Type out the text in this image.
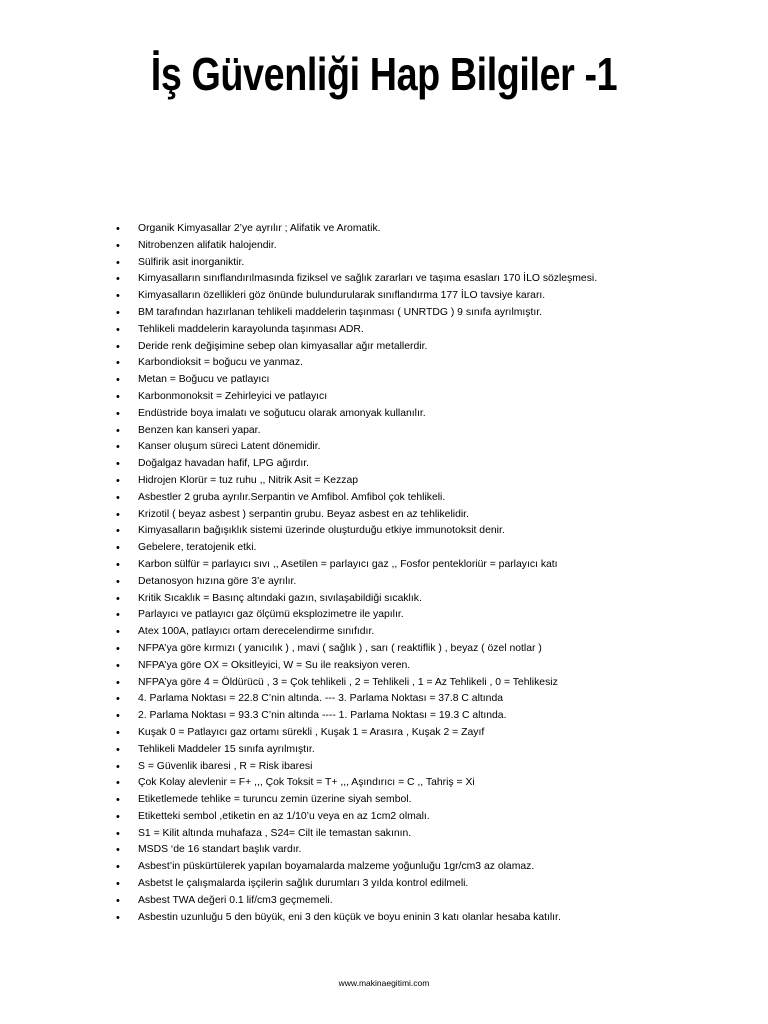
İş Güvenliği Hap Bilgiler -1
• Organik Kimyasallar 2’ye ayrılır ; Alifatik ve Aromatik.
• Nitrobenzen alifatik halojendir.
• Sülfirik asit inorganiktir.
• Kimyasalların sınıflandırılmasında fiziksel ve sağlık zararları ve taşıma esasları 170 İLO sözleşmesi.
• Kimyasalların özellikleri göz önünde bulundurularak sınıflandırma 177 İLO tavsiye kararı.
• BM tarafından hazırlanan tehlikeli maddelerin taşınması ( UNRTDG ) 9 sınıfa ayrılmıştır.
• Tehlikeli maddelerin karayolunda taşınması ADR.
• Deride renk değişimine sebep olan kimyasallar ağır metallerdir.
• Karbondioksit = boğucu ve yanmaz.
• Metan = Boğucu ve patlayıcı
• Karbonmonoksit = Zehirleyici ve patlayıcı
• Endüstride boya imalatı ve soğutucu olarak amonyak kullanılır.
• Benzen kan kanseri yapar.
• Kanser oluşum süreci Latent dönemidir.
• Doğalgaz havadan hafif, LPG ağırdır.
• Hidrojen Klorür = tuz ruhu ,, Nitrik Asit = Kezzap
• Asbestler 2 gruba ayrılır.Serpantin ve Amfibol. Amfibol çok tehlikeli.
• Krizotil ( beyaz asbest ) serpantin grubu. Beyaz asbest en az tehlikelidir.
• Kimyasalların bağışıklık sistemi üzerinde oluşturduğu etkiye immunotoksit denir.
• Gebelere, teratojenik etki.
• Karbon sülfür = parlayıcı sıvı ,, Asetilen = parlayıcı gaz ,, Fosfor pentekloriür = parlayıcı katı
• Detanosyon hızına göre 3’e ayrılır.
• Kritik Sıcaklık = Basınç altındaki gazın, sıvılaşabildiği sıcaklık.
• Parlayıcı ve patlayıcı gaz ölçümü eksplozimetre ile yapılır.
• Atex 100A, patlayıcı ortam derecelendirme sınıfıdır.
• NFPA’ya göre kırmızı ( yanıcılık ) , mavi ( sağlık ) , sarı ( reaktiflik ) , beyaz ( özel notlar )
• NFPA’ya göre OX = Oksitleyici, W = Su ile reaksiyon veren.
• NFPA’ya göre 4 = Öldürücü , 3 = Çok tehlikeli , 2 = Tehlikeli , 1 = Az Tehlikeli , 0 = Tehlikesiz
• 4. Parlama Noktası = 22.8 C’nin altında. --- 3. Parlama Noktası = 37.8 C altında
• 2. Parlama Noktası = 93.3 C’nin altında ---- 1. Parlama Noktası = 19.3 C altında.
• Kuşak 0 = Patlayıcı gaz ortamı sürekli , Kuşak 1 = Arasıra , Kuşak 2 = Zayıf
• Tehlikeli Maddeler 15 sınıfa ayrılmıştır.
• S = Güvenlik ibaresi , R = Risk ibaresi
• Çok Kolay alevlenir = F+ ,,, Çok Toksit = T+ ,,, Aşındırıcı = C ,, Tahriş = Xi
• Etiketlemede tehlike = turuncu zemin üzerine siyah sembol.
• Etiketteki sembol ,etiketin en az 1/10’u veya en az 1cm2 olmalı.
• S1 = Kilit altında muhafaza , S24= Cilt ile temastan sakının.
• MSDS ‘de 16 standart başlık vardır.
• Asbest’in püskürtülerek yapılan boyamalarda malzeme yoğunluğu 1gr/cm3 az olamaz.
• Asbetst le çalışmalarda işçilerin sağlık durumları 3 yılda kontrol edilmeli.
• Asbest TWA değeri 0.1 lif/cm3 geçmemeli.
• Asbestin uzunluğu 5 den büyük, eni 3 den küçük ve boyu eninin 3 katı olanlar hesaba katılır.
www.makinaegitimi.com
